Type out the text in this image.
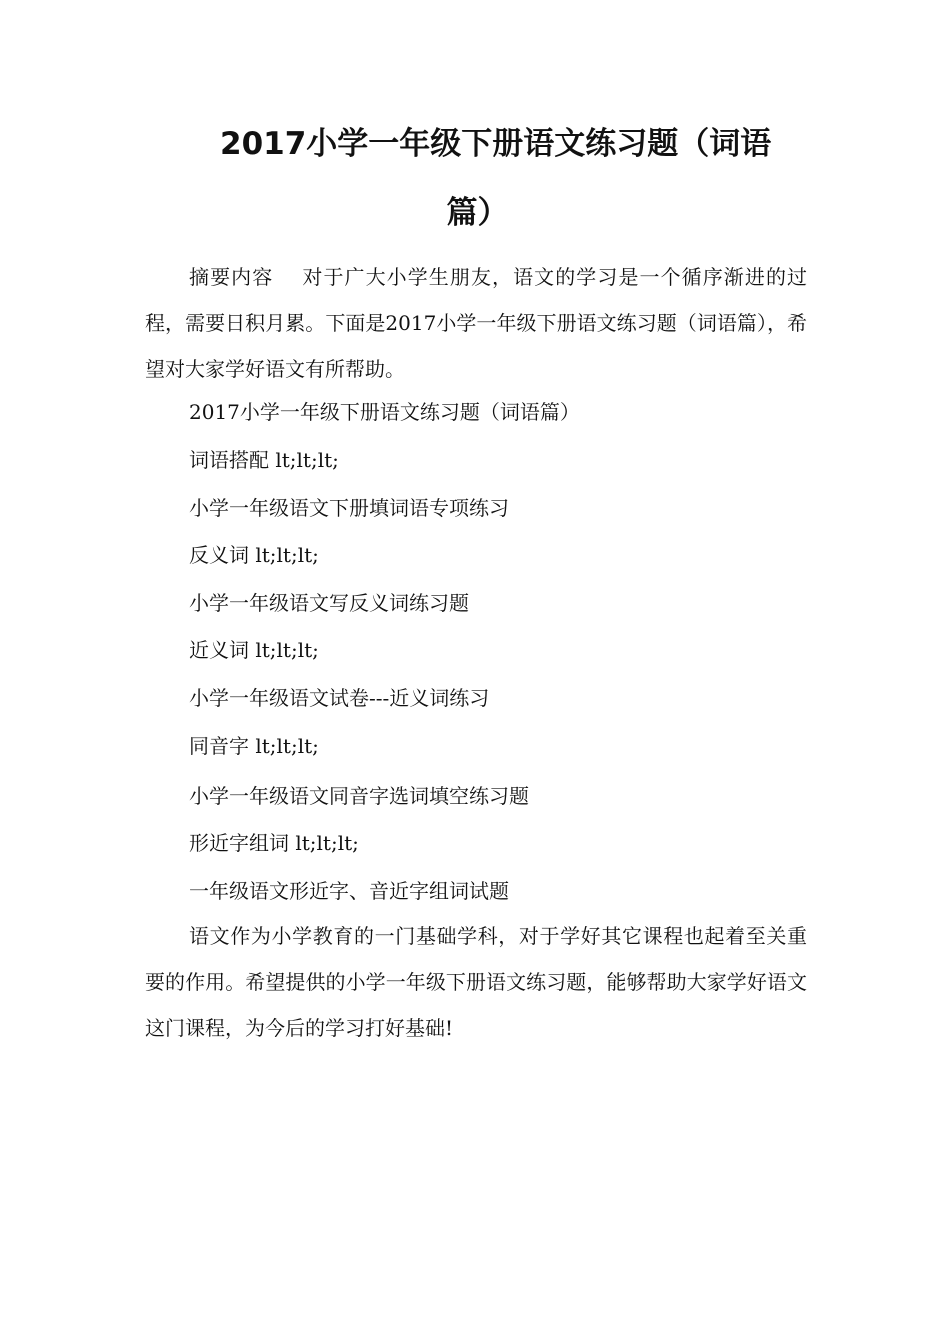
2017小学一年级下册语文练习题（词语
篇）

摘要内容 对于广大小学生朋友，语文的学习是一个循序渐进的过程，需要日积月累。下面是2017小学一年级下册语文练习题（词语篇），希望对大家学好语文有所帮助。

2017小学一年级下册语文练习题（词语篇）

词语搭配 lt;lt;lt;

小学一年级语文下册填词语专项练习

反义词 lt;lt;lt;

小学一年级语文写反义词练习题

近义词 lt;lt;lt;

小学一年级语文试卷---近义词练习

同音字 lt;lt;lt;

小学一年级语文同音字选词填空练习题

形近字组词 lt;lt;lt;

一年级语文形近字、音近字组词试题

语文作为小学教育的一门基础学科，对于学好其它课程也起着至关重要的作用。希望提供的小学一年级下册语文练习题，能够帮助大家学好语文这门课程，为今后的学习打好基础!
